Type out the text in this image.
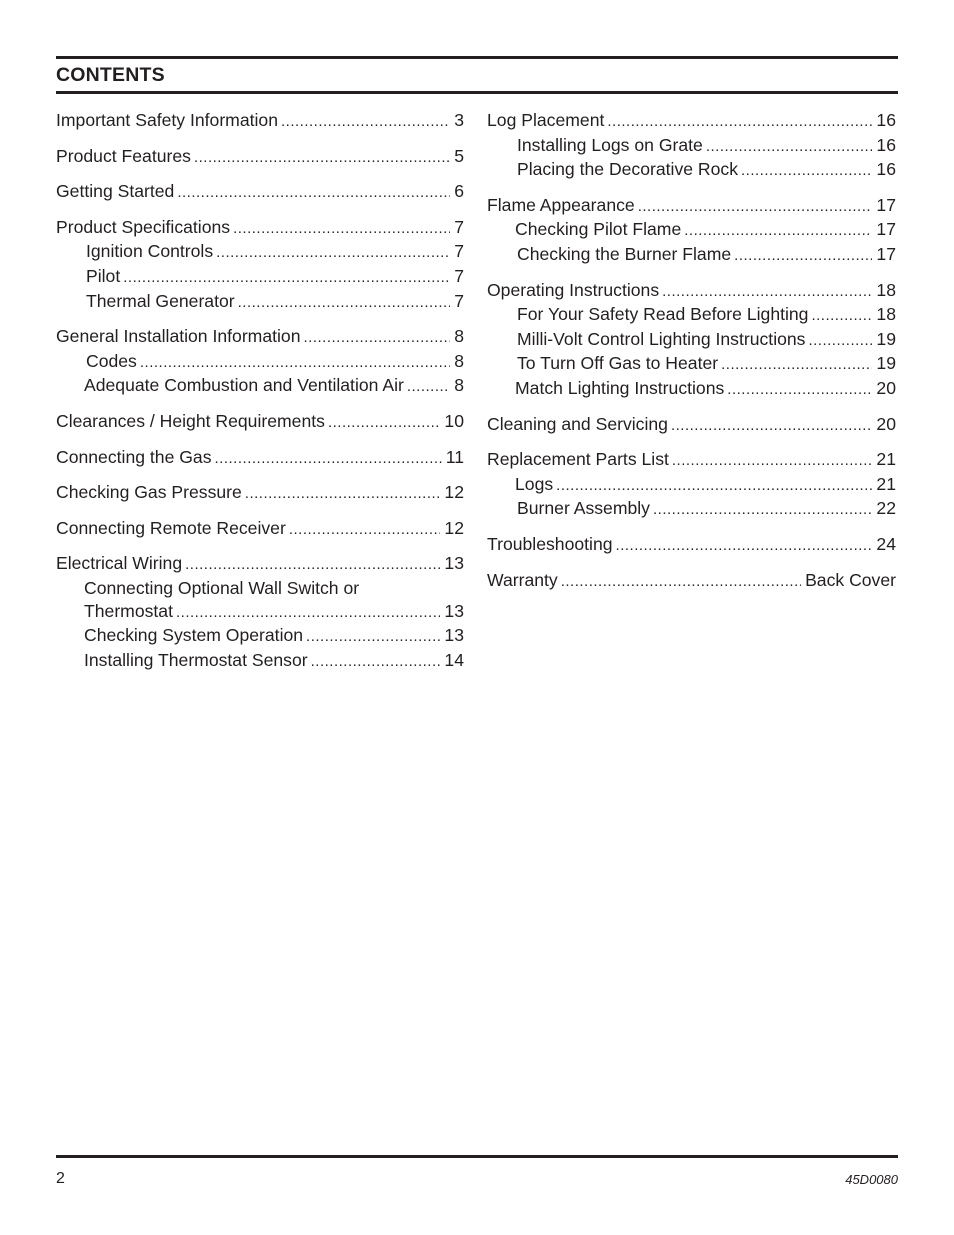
CONTENTS
Important Safety Information .....	3
Product Features .....	5
Getting Started .....	6
Product Specifications .....	7
Ignition Controls .....	7
Pilot .....	7
Thermal Generator .....	7
General Installation Information .....	8
Codes .....	8
Adequate Combustion and Ventilation Air .....	8
Clearances / Height Requirements .....	10
Connecting the Gas .....	11
Checking Gas Pressure .....	12
Connecting Remote Receiver .....	12
Electrical Wiring .....	13
Connecting Optional Wall Switch or
Thermostat .....	13
Checking System Operation .....	13
Installing Thermostat Sensor .....	14
Log Placement .....	16
Installing Logs on Grate .....	16
Placing the Decorative Rock .....	16
Flame Appearance .....	17
Checking Pilot Flame .....	17
Checking the Burner Flame .....	17
Operating Instructions .....	18
For Your Safety Read Before Lighting .....	18
Milli-Volt Control Lighting Instructions .....	19
To Turn Off Gas to Heater .....	19
Match Lighting Instructions .....	20
Cleaning and Servicing .....	20
Replacement Parts List .....	21
Logs .....	21
Burner Assembly .....	22
Troubleshooting .....	24
Warranty .....	Back Cover
2	45D0080
